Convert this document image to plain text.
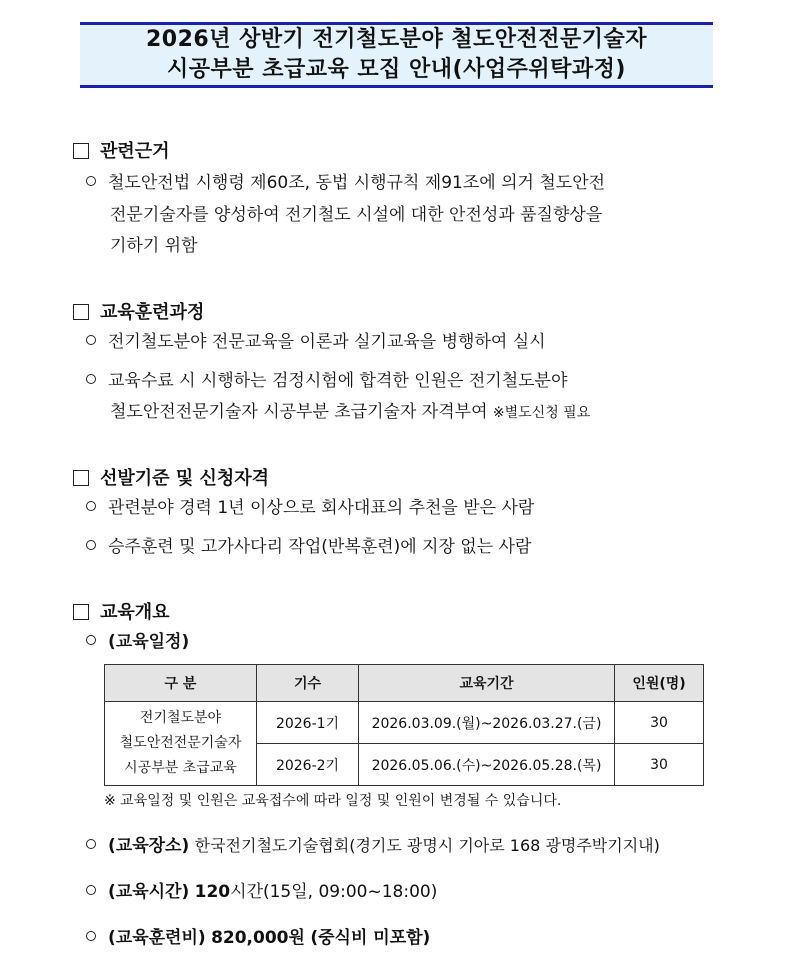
2026년 상반기 전기철도분야 철도안전전문기술자
시공부분 초급교육 모집 안내(사업주위탁과정)
관련근거
철도안전법 시행령 제60조, 동법 시행규칙 제91조에 의거 철도안전
전문기술자를 양성하여 전기철도 시설에 대한 안전성과 품질향상을
기하기 위함
교육훈련과정
전기철도분야 전문교육을 이론과 실기교육을 병행하여 실시
교육수료 시 시행하는 검정시험에 합격한 인원은 전기철도분야
철도안전전문기술자 시공부분 초급기술자 자격부여 ※별도신청 필요
선발기준 및 신청자격
관련분야 경력 1년 이상으로 회사대표의 추천을 받은 사람
승주훈련 및 고가사다리 작업(반복훈련)에 지장 없는 사람
교육개요
(교육일정)
구 분	기수	교육기간	인원(명)

전기철도분야
철도안전전문기술자
시공부분 초급교육	2026-1기	2026.03.09.(월)~2026.03.27.(금)	30
	2026-2기	2026.05.06.(수)~2026.05.28.(목)	30
※ 교육일정 및 인원은 교육접수에 따라 일정 및 인원이 변경될 수 있습니다.
(교육장소) 한국전기철도기술협회(경기도 광명시 기아로 168 광명주박기지내)
(교육시간) 120시간(15일, 09:00~18:00)
(교육훈련비) 820,000원 (중식비 미포함)
